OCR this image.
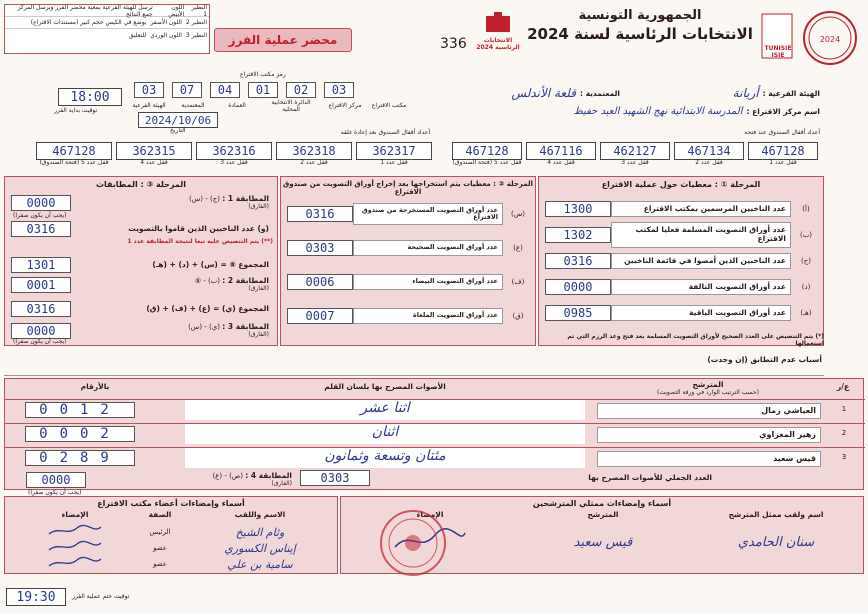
2024
TUNISIE ISIE
الجمهورية التونسية
الانتخابات الرئاسية لسنة 2024
الانتخابات الرئاسية 2024
336
محضر عملية الفرز
النظير 1
اللون الأبيض
ترسل للهيئة الفرعية بمعية محضر الفرز ويرسل المركز جمع النتائج
النظير 2
اللون الأصفر
يوضع في الكيس حجم كبير (مستندات الاقتراع)
النظير 3
اللون الوردي
للتعليق
رمز مكتب الاقتراع
03	07	04	01	02	03
الهيئة الفرعية	المعتمدية	العمادة	الدائرة الانتخابية المحلية	مركز الاقتراع	مكتب الاقتراع
18:00
توقيت بداية الفرز
2024/10/06
التاريخ
الهيئة الفرعية :
أريانة
المعتمدية :
قلعة الأندلس
اسم مركز الاقتراع :
المدرسة الابتدائية نهج الشهيد العيد حفيظ
أعداد أقفال الصندوق عند فتحه
أعداد أقفال الصندوق بعد إعادة غلقه
467128
قفل عدد 5 (فتحة الصندوق)
467116
قفل عدد 4
462127
قفل عدد 3
467134
قفل عدد 2
467128
قفل عدد 1
467128
قفل عدد 5 (فتحة الصندوق)
362315
قفل عدد 4
362316
قفل عدد 3
362318
قفل عدد 2
362317
قفل عدد 1
المرحلة ① : معطيات حول عملية الاقتراع
1300	عدد الناخبين المرسمين بمكتب الاقتراع	(أ)
1302	عدد أوراق التصويت المسلمة فعليا لمكتب الاقتراع	(ب)
0316	عدد الناخبين الذين أمضوا في قائمة الناخبين	(ج)
0000	عدد أوراق التصويت التالفة	(د)
0985	عدد أوراق التصويت الباقية	(هـ)
(*) يتم التنصيص على العدد الصحيح لأوراق التصويت المسلمة بعد فتح وعد الرزم التي تم استعمالها
المرحلة ② : معطيات يتم استخراجها بعد إخراج أوراق التصويت من صندوق الاقتراع
0316	عدد أوراق التصويت المستخرجة من صندوق الاقتراع	(س)
0303	عدد أوراق التصويت الصحيحة	(ع)
0006	عدد أوراق التصويت البيضاء	(ف)
0007	عدد أوراق التصويت الملغاة	(ق)
المرحلة ③ : المطابقات
0000	المطابقة 1 : (ج) - (س)
(الفارق)
(يجب أن يكون صفرا)
0316	(و) عدد الناخبين الذين قاموا بالتصويت
(**) يتم التنصيص عليه تبعا لنتيجة المطابقة عدد 1
1301	المجموع ⑧ = (س) + (د) + (هـ)
0001	المطابقة 2 : (ب) - ⑧
(الفارق)
0316	المجموع (ي) = (ع) + (ف) + (ق)
0000	المطابقة 3 : (ي) - (س)
(الفارق)
(يجب أن يكون صفرا)
أسباب عدم التطابق (إن وجدت)
ع/ر
المترشح
(حسب الترتيب الوارد في ورقة التصويت)
الأصوات المصرح بها بلسان القلم
بالأرقام
1
العياشي زمال
اثنا عشر
0012
2
زهير المغزاوي
اثنان
0002
3
قيس سعيد
مئتان وتسعة وثمانون
0289
0303	العدد الجملي للأصوات المصرح بها
0000	المطابقة 4 : (ص) - (ع)
(الفارق)
(يجب أن يكون صفرا)
أسماء وإمضاءات ممثلي المترشحين
اسم ولقب ممثل المترشح
المترشح
الإمضاء
سنان الحامدي
قيس سعيد
أسماء وإمضاءات أعضاء مكتب الاقتراع
الاسم واللقب
الصفة
الإمضاء
وئام الشيخ
الرئيس
إيناس الكسوري
عضو
سامية بن علي
عضو
19:30	توقيت ختم عملية الفرز
